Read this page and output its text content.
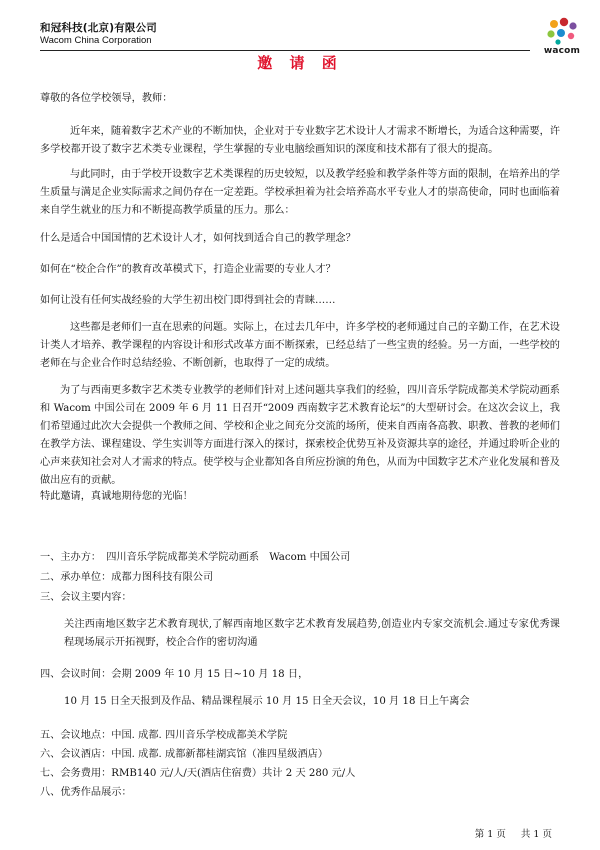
和冠科技(北京)有限公司
Wacom China Corporation
wacom
邀 请 函
尊敬的各位学校领导，教师：
近年来，随着数字艺术产业的不断加快，企业对于专业数字艺术设计人才需求不断增长，为适合这种需要，许多学校都开设了数字艺术类专业课程，学生掌握的专业电脑绘画知识的深度和技术都有了很大的提高。
与此同时，由于学校开设数字艺术类课程的历史较短，以及教学经验和教学条件等方面的限制，在培养出的学生质量与满足企业实际需求之间仍存在一定差距。学校承担着为社会培养高水平专业人才的崇高使命，同时也面临着来自学生就业的压力和不断提高教学质量的压力。那么：
什么是适合中国国情的艺术设计人才，如何找到适合自己的教学理念？
如何在“校企合作”的教育改革模式下，打造企业需要的专业人才？
如何让没有任何实战经验的大学生初出校门即得到社会的青睐……
这些都是老师们一直在思索的问题。实际上，在过去几年中，许多学校的老师通过自己的辛勤工作，在艺术设计类人才培养、教学课程的内容设计和形式改革方面不断探索，已经总结了一些宝贵的经验。另一方面，一些学校的老师在与企业合作时总结经验、不断创新，也取得了一定的成绩。
为了与西南更多数字艺术类专业教学的老师们针对上述问题共享我们的经验，四川音乐学院成都美术学院动画系和 Wacom 中国公司在 2009 年 6 月 11 日召开“2009 西南数字艺术教育论坛”的大型研讨会。在这次会议上，我们希望通过此次大会提供一个教师之间、学校和企业之间充分交流的场所，使来自西南各高教、职教、普教的老师们在教学方法、课程建设、学生实训等方面进行深入的探讨，探索校企优势互补及资源共享的途径，并通过聆听企业的心声来获知社会对人才需求的特点。使学校与企业都知各自所应扮演的角色，从而为中国数字艺术产业化发展和普及做出应有的贡献。
特此邀请，真诚地期待您的光临！
一、主办方：　四川音乐学院成都美术学院动画系　Wacom 中国公司
二、承办单位：成都力图科技有限公司
三、会议主要内容：
关注西南地区数字艺术教育现状,了解西南地区数字艺术教育发展趋势,创造业内专家交流机会.通过专家优秀课程现场展示开拓视野，校企合作的密切沟通
四、会议时间：会期 2009 年 10 月 15 日~10 月 18 日，
10 月 15 日全天报到及作品、精品课程展示 10 月 15 日全天会议，10 月 18 日上午离会
五、会议地点：中国. 成都. 四川音乐学校成都美术学院
六、会议酒店：中国. 成都. 成都新都桂湖宾馆（准四星级酒店）
七、会务费用：RMB140 元/人/天(酒店住宿费）共计 2 天 280 元/人
八、优秀作品展示：
第 1 页 共 1 页
